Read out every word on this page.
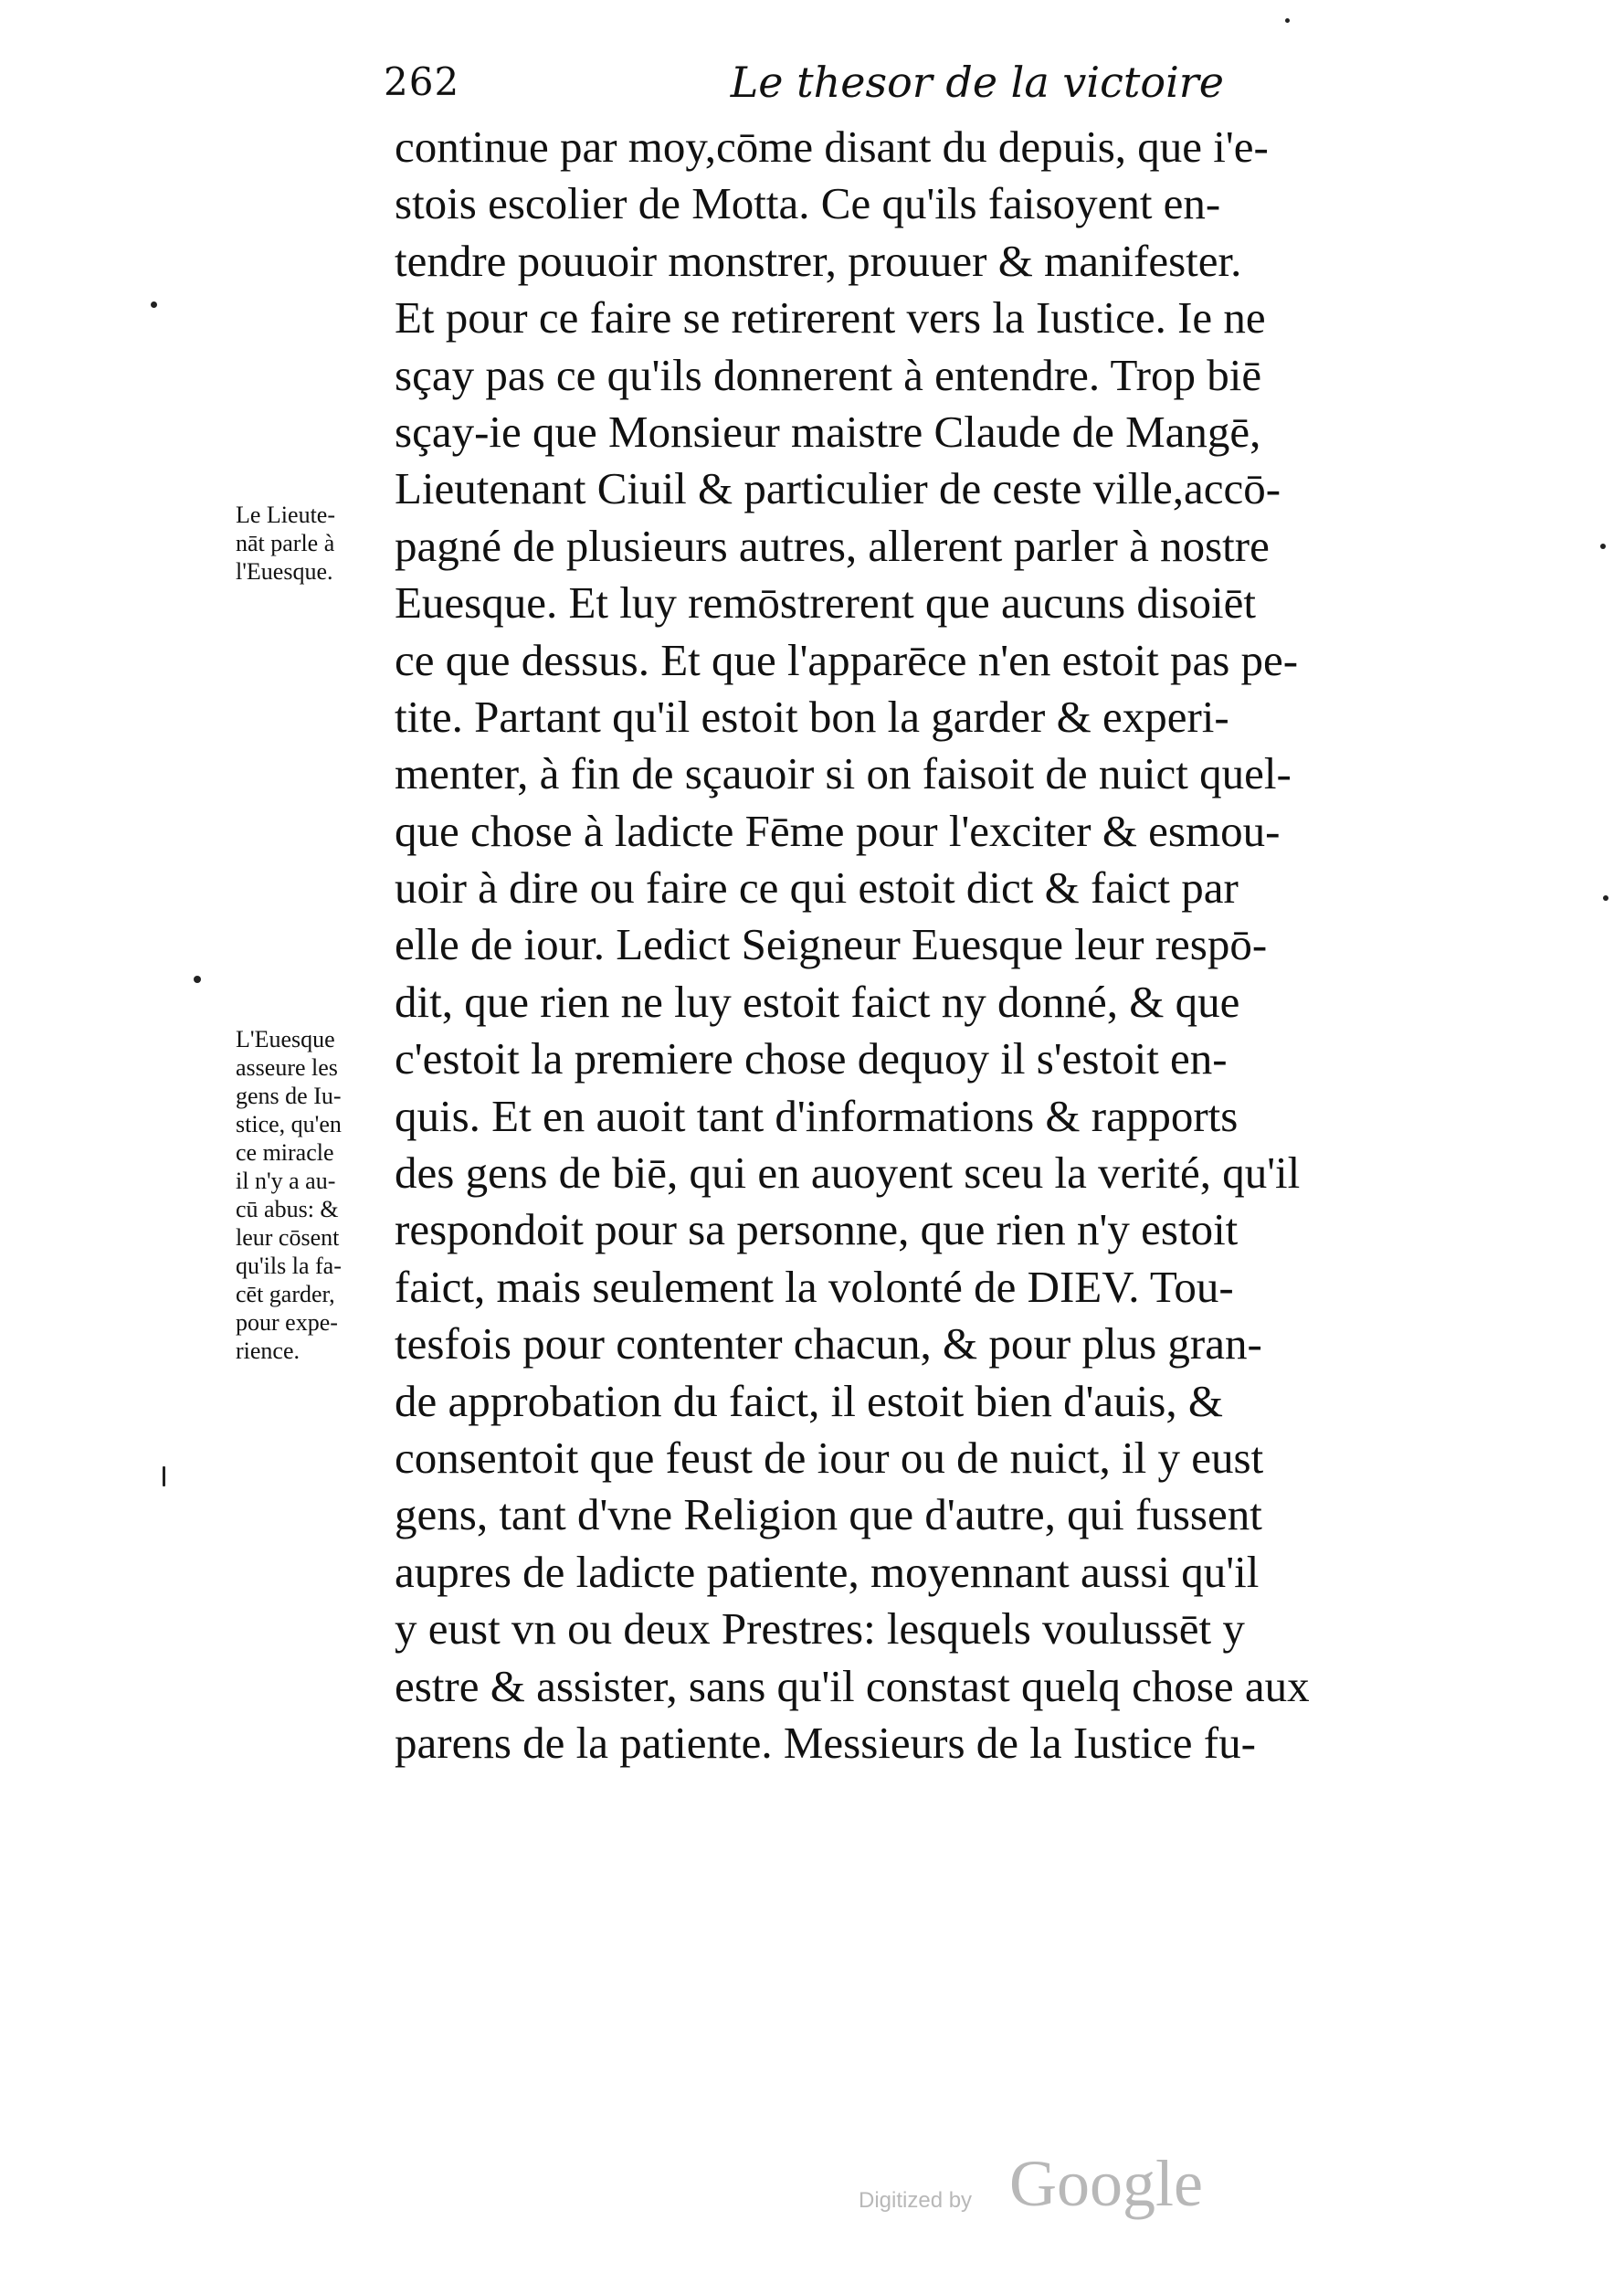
262	Le thesor de la victoire
continue par moy,cōme disant du depuis, que i'e-
stois escolier de Motta. Ce qu'ils faisoyent en-
tendre pouuoir monstrer, prouuer & manifester.
Et pour ce faire se retirerent vers la Iustice. Ie ne
sçay pas ce qu'ils donnerent à entendre. Trop biē
sçay-ie que Monsieur maistre Claude de Mangē,
Lieutenant Ciuil & particulier de ceste ville,accō-
pagné de plusieurs autres, allerent parler à nostre
Euesque. Et luy remōstrerent que aucuns disoiēt
ce que dessus. Et que l'apparēce n'en estoit pas pe-
tite. Partant qu'il estoit bon la garder & experi-
menter, à fin de sçauoir si on faisoit de nuict quel-
que chose à ladicte Fēme pour l'exciter & esmou-
uoir à dire ou faire ce qui estoit dict & faict par
elle de iour. Ledict Seigneur Euesque leur respō-
dit, que rien ne luy estoit faict ny donné, & que
c'estoit la premiere chose dequoy il s'estoit en-
quis. Et en auoit tant d'informations & rapports
des gens de biē, qui en auoyent sceu la verité, qu'il
respondoit pour sa personne, que rien n'y estoit
faict, mais seulement la volonté de DIEV. Tou-
tesfois pour contenter chacun, & pour plus gran-
de approbation du faict, il estoit bien d'auis, &
consentoit que feust de iour ou de nuict, il y eust
gens, tant d'vne Religion que d'autre, qui fussent
aupres de ladicte patiente, moyennant aussi qu'il
y eust vn ou deux Prestres: lesquels voulussēt y
estre & assister, sans qu'il constast quelq chose aux
parens de la patiente. Messieurs de la Iustice fu-
Le Lieute-
nāt parle à
l'Euesque.
L'Euesque
asseure les
gens de Iu-
stice, qu'en
ce miracle
il n'y a au-
cū abus: &
leur cōsent
qu'ils la fa-
cēt garder,
pour expe-
rience.
Digitized by Google
